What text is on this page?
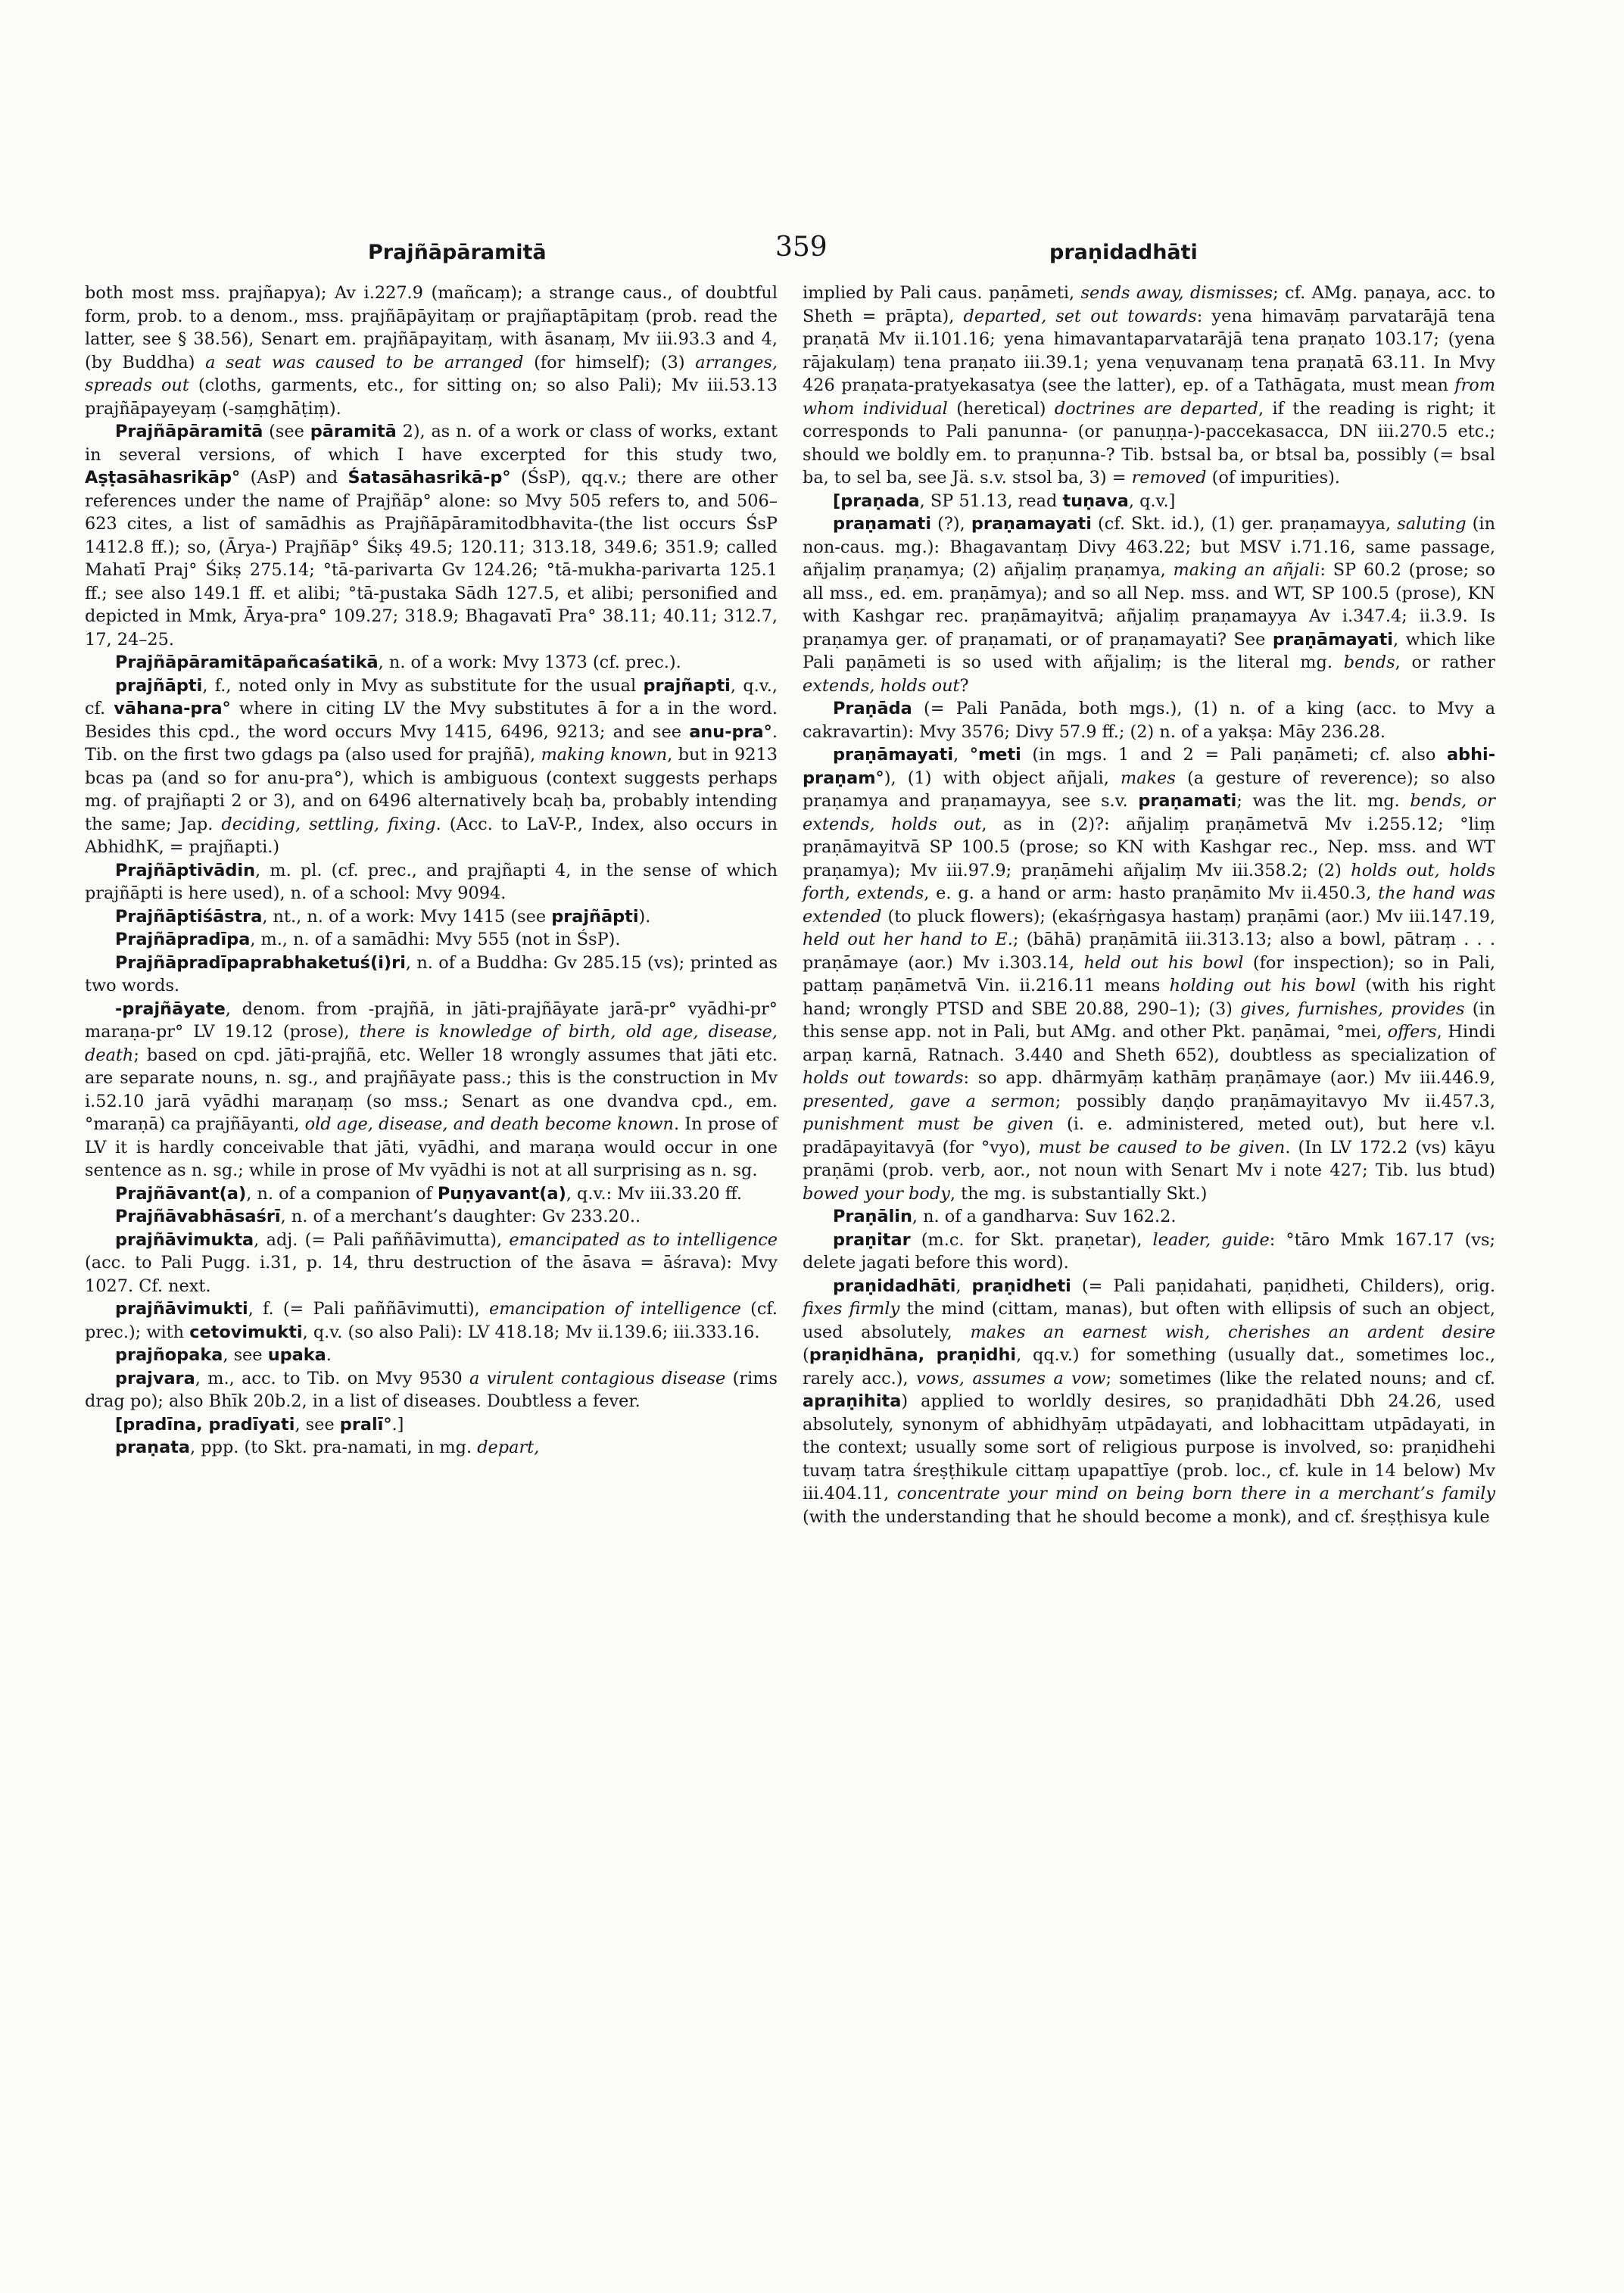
Prajñāpāramitā	359	praṇidadhāti

both most mss. prajñapya); Av i.227.9 (mañcaṃ); a strange caus., of doubtful form, prob. to a denom., mss. prajñāpāyitaṃ or prajñaptāpitaṃ (prob. read the latter, see § 38.56), Senart em. prajñāpayitaṃ, with āsanaṃ, Mv iii.93.3 and 4, (by Buddha) a seat was caused to be arranged (for himself); (3) arranges, spreads out (cloths, garments, etc., for sitting on; so also Pali); Mv iii.53.13 prajñāpayeyaṃ (-saṃghāṭiṃ).

Prajñāpāramitā (see pāramitā 2), as n. of a work or class of works, extant in several versions, of which I have excerpted for this study two, Aṣṭasāhasrikāp° (AsP) and Śatasāhasrikā-p° (ŚsP), qq.v.; there are other references under the name of Prajñāp° alone: so Mvy 505 refers to, and 506–623 cites, a list of samādhis as Prajñāpāramitodbhavita-(the list occurs ŚsP 1412.8 ff.); so, (Ārya-) Prajñāp° Śikṣ 49.5; 120.11; 313.18, 349.6; 351.9; called Mahatī Praj° Śikṣ 275.14; °tā-parivarta Gv 124.26; °tā-mukha-parivarta 125.1 ff.; see also 149.1 ff. et alibi; °tā-pustaka Sādh 127.5, et alibi; personified and depicted in Mmk, Ārya-pra° 109.27; 318.9; Bhagavatī Pra° 38.11; 40.11; 312.7, 17, 24–25.

Prajñāpāramitāpañcaśatikā, n. of a work: Mvy 1373 (cf. prec.).

prajñāpti, f., noted only in Mvy as substitute for the usual prajñapti, q.v., cf. vāhana-pra° where in citing LV the Mvy substitutes ā for a in the word. Besides this cpd., the word occurs Mvy 1415, 6496, 9213; and see anu-pra°. Tib. on the first two gdags pa (also used for prajñā), making known, but in 9213 bcas pa (and so for anu-pra°), which is ambiguous (context suggests perhaps mg. of prajñapti 2 or 3), and on 6496 alternatively bcaḥ ba, probably intending the same; Jap. deciding, settling, fixing. (Acc. to LaV-P., Index, also occurs in AbhidhK, = prajñapti.)

Prajñāptivādin, m. pl. (cf. prec., and prajñapti 4, in the sense of which prajñāpti is here used), n. of a school: Mvy 9094.

Prajñāptiśāstra, nt., n. of a work: Mvy 1415 (see prajñāpti).

Prajñāpradīpa, m., n. of a samādhi: Mvy 555 (not in ŚsP).

Prajñāpradīpaprabhaketuś(i)ri, n. of a Buddha: Gv 285.15 (vs); printed as two words.

-prajñāyate, denom. from -prajñā, in jāti-prajñāyate jarā-pr° vyādhi-pr° maraṇa-pr° LV 19.12 (prose), there is knowledge of birth, old age, disease, death; based on cpd. jāti-prajñā, etc. Weller 18 wrongly assumes that jāti etc. are separate nouns, n. sg., and prajñāyate pass.; this is the construction in Mv i.52.10 jarā vyādhi maraṇaṃ (so mss.; Senart as one dvandva cpd., em. °maraṇā) ca prajñāyanti, old age, disease, and death become known. In prose of LV it is hardly conceivable that jāti, vyādhi, and maraṇa would occur in one sentence as n. sg.; while in prose of Mv vyādhi is not at all surprising as n. sg.

Prajñāvant(a), n. of a companion of Puṇyavant(a), q.v.: Mv iii.33.20 ff.

Prajñāvabhāsaśrī, n. of a merchant’s daughter: Gv 233.20..

prajñāvimukta, adj. (= Pali paññāvimutta), emancipated as to intelligence (acc. to Pali Pugg. i.31, p. 14, thru destruction of the āsava = āśrava): Mvy 1027. Cf. next.

prajñāvimukti, f. (= Pali paññāvimutti), emancipation of intelligence (cf. prec.); with cetovimukti, q.v. (so also Pali): LV 418.18; Mv ii.139.6; iii.333.16.

prajñopaka, see upaka.

prajvara, m., acc. to Tib. on Mvy 9530 a virulent contagious disease (rims drag po); also Bhīk 20b.2, in a list of diseases. Doubtless a fever.

[pradīna, pradīyati, see pralī°.]

praṇata, ppp. (to Skt. pra-namati, in mg. depart,

implied by Pali caus. paṇāmeti, sends away, dismisses; cf. AMg. paṇaya, acc. to Sheth = prāpta), departed, set out towards: yena himavāṃ parvatarājā tena praṇatā Mv ii.101.16; yena himavantaparvatarājā tena praṇato 103.17; (yena rājakulaṃ) tena praṇato iii.39.1; yena veṇuvanaṃ tena praṇatā 63.11. In Mvy 426 praṇata-pratyekasatya (see the latter), ep. of a Tathāgata, must mean from whom individual (heretical) doctrines are departed, if the reading is right; it corresponds to Pali panunna- (or panuṇṇa-)-paccekasacca, DN iii.270.5 etc.; should we boldly em. to praṇunna-? Tib. bstsal ba, or btsal ba, possibly (= bsal ba, to sel ba, see Jä. s.v. stsol ba, 3) = removed (of impurities).

[praṇada, SP 51.13, read tuṇava, q.v.]

praṇamati (?), praṇamayati (cf. Skt. id.), (1) ger. praṇamayya, saluting (in non-caus. mg.): Bhagavantaṃ Divy 463.22; but MSV i.71.16, same passage, añjaliṃ praṇamya; (2) añjaliṃ praṇamya, making an añjali: SP 60.2 (prose; so all mss., ed. em. praṇāmya); and so all Nep. mss. and WT, SP 100.5 (prose), KN with Kashgar rec. praṇāmayitvā; añjaliṃ praṇamayya Av i.347.4; ii.3.9. Is praṇamya ger. of praṇamati, or of praṇamayati? See praṇāmayati, which like Pali paṇāmeti is so used with añjaliṃ; is the literal mg. bends, or rather extends, holds out?

Praṇāda (= Pali Panāda, both mgs.), (1) n. of a king (acc. to Mvy a cakravartin): Mvy 3576; Divy 57.9 ff.; (2) n. of a yakṣa: Māy 236.28.

praṇāmayati, °meti (in mgs. 1 and 2 = Pali paṇāmeti; cf. also abhi-praṇam°), (1) with object añjali, makes (a gesture of reverence); so also praṇamya and praṇamayya, see s.v. praṇamati; was the lit. mg. bends, or extends, holds out, as in (2)?: añjaliṃ praṇāmetvā Mv i.255.12; °liṃ praṇāmayitvā SP 100.5 (prose; so KN with Kashgar rec., Nep. mss. and WT praṇamya); Mv iii.97.9; praṇāmehi añjaliṃ Mv iii.358.2; (2) holds out, holds forth, extends, e. g. a hand or arm: hasto praṇāmito Mv ii.450.3, the hand was extended (to pluck flowers); (ekaśṛṅgasya hastaṃ) praṇāmi (aor.) Mv iii.147.19, held out her hand to E.; (bāhā) praṇāmitā iii.313.13; also a bowl, pātraṃ . . . praṇāmaye (aor.) Mv i.303.14, held out his bowl (for inspection); so in Pali, pattaṃ paṇāmetvā Vin. ii.216.11 means holding out his bowl (with his right hand; wrongly PTSD and SBE 20.88, 290–1); (3) gives, furnishes, provides (in this sense app. not in Pali, but AMg. and other Pkt. paṇāmai, °mei, offers, Hindi arpaṇ karnā, Ratnach. 3.440 and Sheth 652), doubtless as specialization of holds out towards: so app. dhārmyāṃ kathāṃ praṇāmaye (aor.) Mv iii.446.9, presented, gave a sermon; possibly daṇḍo praṇāmayitavyo Mv ii.457.3, punishment must be given (i. e. administered, meted out), but here v.l. pradāpayitavyā (for °vyo), must be caused to be given. (In LV 172.2 (vs) kāyu praṇāmi (prob. verb, aor., not noun with Senart Mv i note 427; Tib. lus btud) bowed your body, the mg. is substantially Skt.)

Praṇālin, n. of a gandharva: Suv 162.2.

praṇitar (m.c. for Skt. praṇetar), leader, guide: °tāro Mmk 167.17 (vs; delete jagati before this word).

praṇidadhāti, praṇidheti (= Pali paṇidahati, paṇidheti, Childers), orig. fixes firmly the mind (cittam, manas), but often with ellipsis of such an object, used absolutely, makes an earnest wish, cherishes an ardent desire (praṇidhāna, praṇidhi, qq.v.) for something (usually dat., sometimes loc., rarely acc.), vows, assumes a vow; sometimes (like the related nouns; and cf. apraṇihita) applied to worldly desires, so praṇidadhāti Dbh 24.26, used absolutely, synonym of abhidhyāṃ utpādayati, and lobhacittam utpādayati, in the context; usually some sort of religious purpose is involved, so: praṇidhehi tuvaṃ tatra śreṣṭhikule cittaṃ upapattīye (prob. loc., cf. kule in 14 below) Mv iii.404.11, concentrate your mind on being born there in a merchant’s family (with the understanding that he should become a monk), and cf. śreṣṭhisya kule
